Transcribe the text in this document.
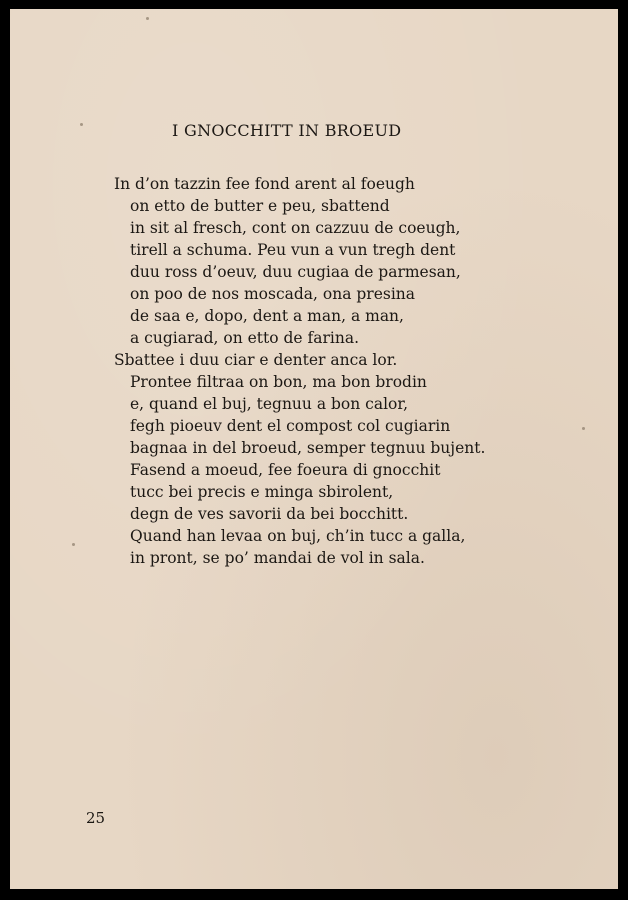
I GNOCCHITT IN BROEUD
In d’on tazzin fee fond arent al foeugh
on etto de butter e peu, sbattend
in sit al fresch, cont on cazzuu de coeugh,
tirell a schuma. Peu vun a vun tregh dent
duu ross d’oeuv, duu cugiaa de parmesan,
on poo de nos moscada, ona presina
de saa e, dopo, dent a man, a man,
a cugiarad, on etto de farina.
Sbattee i duu ciar e denter anca lor.
Prontee filtraa on bon, ma bon brodin
e, quand el buj, tegnuu a bon calor,
fegh pioeuv dent el compost col cugiarin
bagnaa in del broeud, semper tegnuu bujent.
Fasend a moeud, fee foeura di gnocchit
tucc bei precis e minga sbirolent,
degn de ves savorii da bei bocchitt.
Quand han levaa on buj, ch’in tucc a galla,
in pront, se po’ mandai de vol in sala.
25
